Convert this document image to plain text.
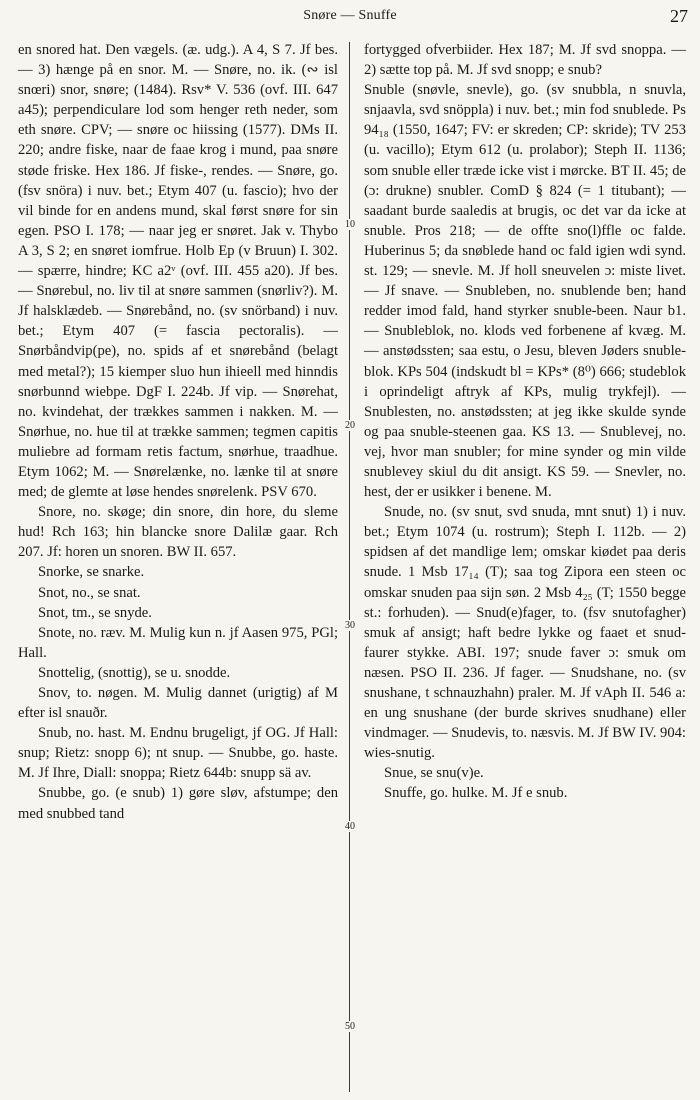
Snøre — Snuffe	27

en snored hat. Den vægels. (æ. udg.). A 4, S 7. Jf bes. — 3) hænge på en snor. M. — Snøre, no. ik. (∾ isl snœri) snor, snøre; (1484). Rsv* V. 536 (ovf. III. 647 a45); perpendiculare lod som henger reth neder, som eth snøre. CPV; — snøre oc hiissing (1577). DMs II. 220; andre fiske, naar de faae krog i mund, paa snøre støde friske. Hex 186. Jf fiske-, rendes. — Snøre, go. (fsv snöra) i nuv. bet.; Etym 407 (u. fascio); hvo der vil binde for en andens mund, skal først snøre for sin egen. PSO I. 178; — naar jeg er snøret. Jak v. Thybo A 3, S 2; en snøret iomfrue. Holb Ep (v Bruun) I. 302. — spærre, hindre; KC a2ᵛ (ovf. III. 455 a20). Jf bes. — Snørebul, no. liv til at snøre sammen (snørliv?). M. Jf halsklædeb. — Snørebånd, no. (sv snörband) i nuv. bet.; Etym 407 (= fascia pectoralis). — Snørbåndvip(pe), no. spids af et snørebånd (belagt med metal?); 15 kiemper sluo hun ihieell med hinndis snørbunnd wiebpe. DgF I. 224b. Jf vip. — Snørehat, no. kvindehat, der trækkes sammen i nakken. M. — Snørhue, no. hue til at trække sammen; tegmen capitis muliebre ad formam retis factum, snørhue, traadhue. Etym 1062; M. — Snørelænke, no. lænke til at snøre med; de glemte at løse hendes snørelenk. PSV 670.

Snore, no. skøge; din snore, din hore, du sleme hud! Rch 163; hin blancke snore Dalilæ gaar. Rch 207. Jf: horen un snoren. BW II. 657.

Snorke, se snarke.

Snot, no., se snat.

Snot, tm., se snyde.

Snote, no. ræv. M. Mulig kun n. jf Aasen 975, PGl; Hall.

Snottelig, (snottig), se u. snodde.

Snov, to. nøgen. M. Mulig dannet (urigtig) af M efter isl snauðr.

Snub, no. hast. M. Endnu brugeligt, jf OG. Jf Hall: snup; Rietz: snopp 6); nt snup. — Snubbe, go. haste. M. Jf Ihre, Diall: snoppa; Rietz 644b: snupp sä av.

Snubbe, go. (e snub) 1) gøre sløv, afstumpe; den med snubbed tand

fortygged ofverbiider. Hex 187; M. Jf svd snoppa. — 2) sætte top på. M. Jf svd snopp; e snub?

Snuble (snøvle, snevle), go. (sv snubbla, n snuvla, snjaavla, svd snöppla) i nuv. bet.; min fod snublede. Ps 94₁₈ (1550, 1647; FV: er skreden; CP: skride); TV 253 (u. vacillo); Etym 612 (u. prolabor); Steph II. 1136; som snuble eller træde icke vist i mørcke. BT II. 45; de (ɔ: drukne) snubler. ComD § 824 (= 1 titubant); — saadant burde saaledis at brugis, oc det var da icke at snuble. Pros 218; — de offte sno(l)ffle oc falde. Huberinus 5; da snøblede hand oc fald igien wdi synd. st. 129; — snevle. M. Jf holl sneuvelen ɔ: miste livet. — Jf snave. — Snubleben, no. snublende ben; hand redder imod fald, hand styrker snuble-been. Naur b1. — Snubleblok, no. klods ved forbenene af kvæg. M. — anstødssten; saa estu, o Jesu, bleven Jøders snuble-blok. KPs 504 (indskudt bl = KPs* (8⁰) 666; studeblok i oprindeligt aftryk af KPs, mulig trykfejl). — Snublesten, no. anstødssten; at jeg ikke skulde synde og paa snuble-steenen gaa. KS 13. — Snublevej, no. vej, hvor man snubler; for mine synder og min vilde snublevey skiul du dit ansigt. KS 59. — Snevler, no. hest, der er usikker i benene. M.

Snude, no. (sv snut, svd snuda, mnt snut) 1) i nuv. bet.; Etym 1074 (u. rostrum); Steph I. 112b. — 2) spidsen af det mandlige lem; omskar kiødet paa deris snude. 1 Msb 17₁₄ (T); saa tog Zipora een steen oc omskar snuden paa sijn søn. 2 Msb 4₂₅ (T; 1550 begge st.: forhuden). — Snud(e)fager, to. (fsv snutofagher) smuk af ansigt; haft bedre lykke og faaet et snud-faurer stykke. ABI. 197; snude faver ɔ: smuk om næsen. PSO II. 236. Jf fager. — Snudshane, no. (sv snushane, t schnauzhahn) praler. M. Jf vAph II. 546 a: en ung snushane (der burde skrives snudhane) eller vindmager. — Snudevis, to. næsvis. M. Jf BW IV. 904: wies-snutig.

Snue, se snu(v)e.

Snuffe, go. hulke. M. Jf e snub.

10
20
30
40
50
